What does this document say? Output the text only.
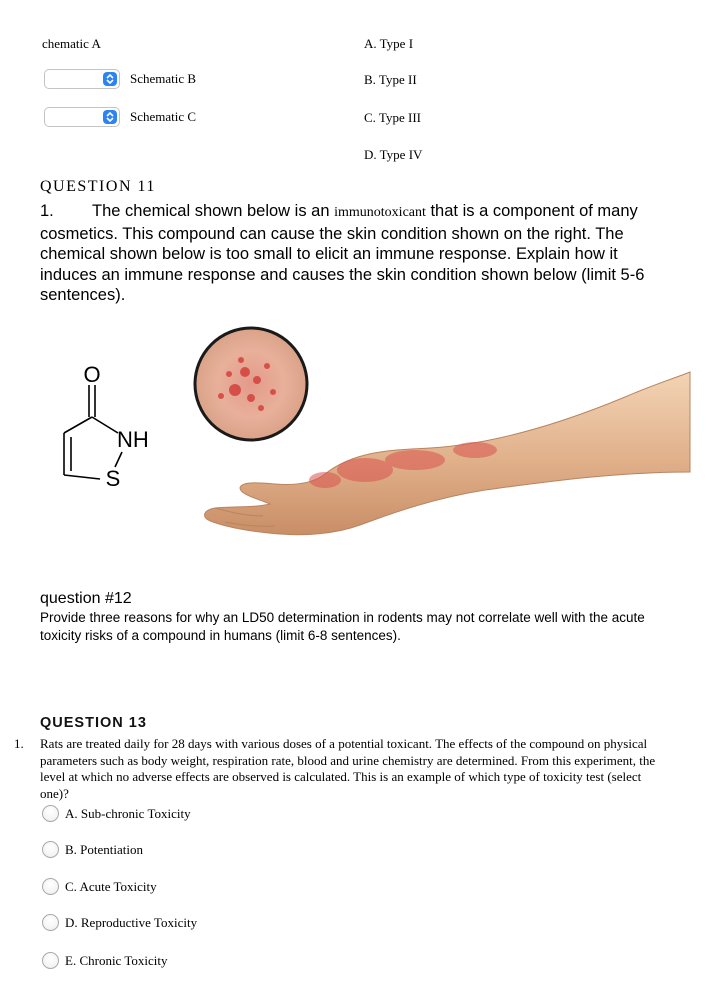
chematic A
Schematic B
Schematic C
A. Type I
B. Type II
C. Type III
D. Type IV
QUESTION 11
1. The chemical shown below is an immunotoxicant that is a component of many cosmetics. This compound can cause the skin condition shown on the right. The chemical shown below is too small to elicit an immune response. Explain how it induces an immune response and causes the skin condition shown below (limit 5-6 sentences).
O
NH
S
question #12
Provide three reasons for why an LD50 determination in rodents may not correlate well with the acute toxicity risks of a compound in humans (limit 6-8 sentences).
QUESTION 13
1. Rats are treated daily for 28 days with various doses of a potential toxicant. The effects of the compound on physical parameters such as body weight, respiration rate, blood and urine chemistry are determined. From this experiment, the level at which no adverse effects are observed is calculated. This is an example of which type of toxicity test (select one)?
A. Sub-chronic Toxicity
B. Potentiation
C. Acute Toxicity
D. Reproductive Toxicity
E. Chronic Toxicity
